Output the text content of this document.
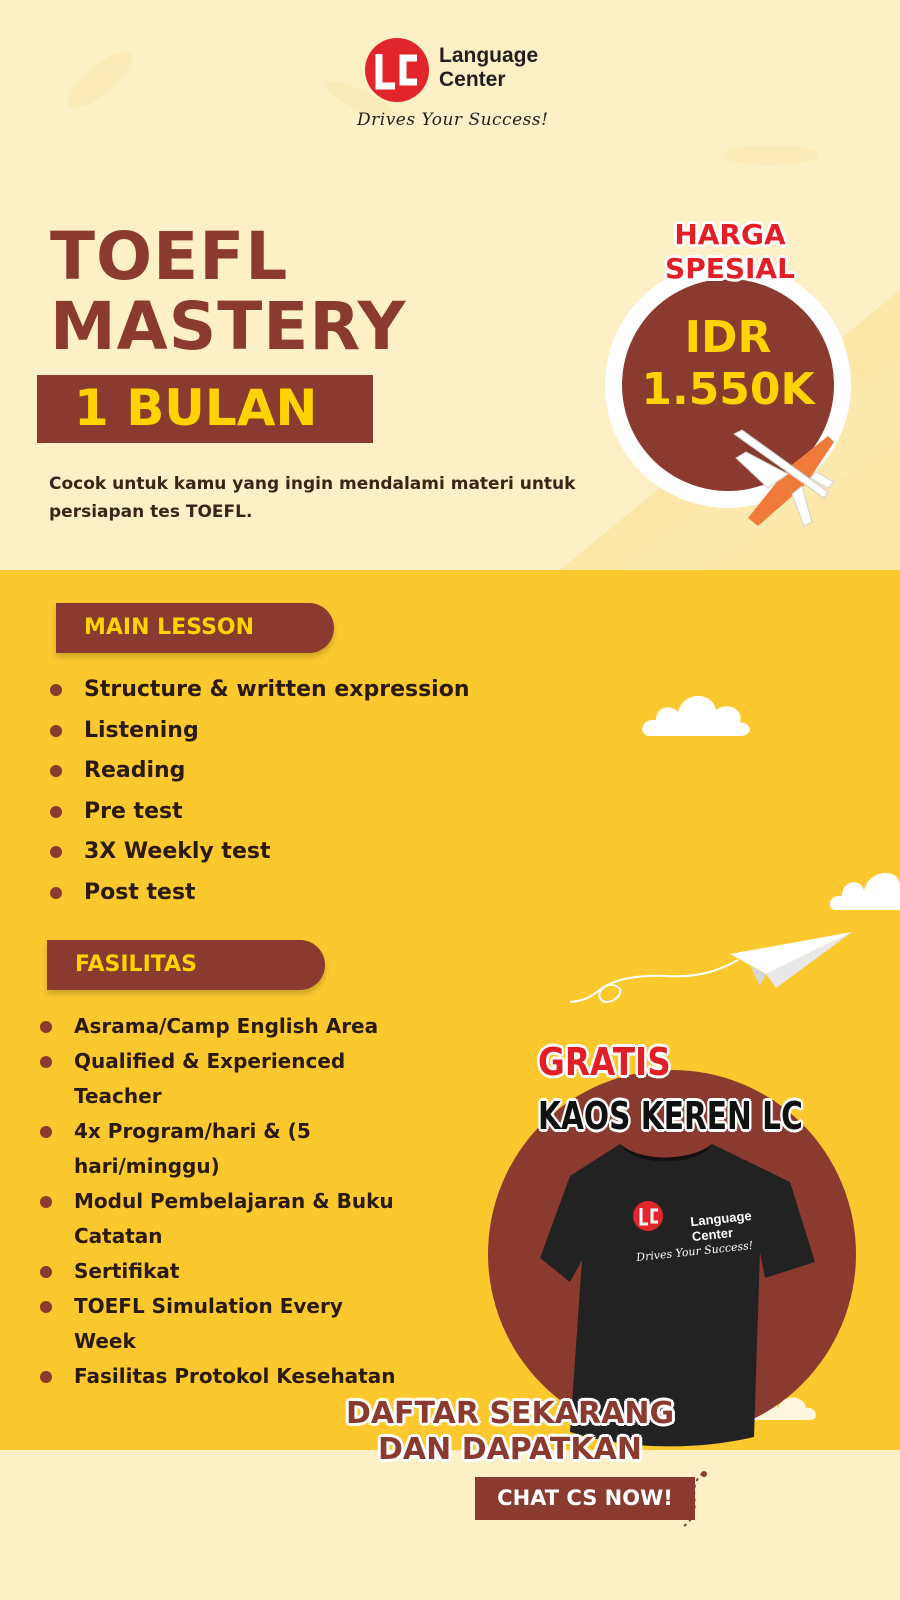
Language
Center
Drives Your Success!
TOEFL
MASTERY
1 BULAN
Cocok untuk kamu yang ingin mendalami materi untuk persiapan tes TOEFL.
HARGA
SPESIAL
IDR
1.550K
MAIN LESSON
Structure & written expression
Listening
Reading
Pre test
3X Weekly test
Post test
FASILITAS
Asrama/Camp English Area
Qualified & Experienced Teacher
4x Program/hari & (5 hari/minggu)
Modul Pembelajaran & Buku Catatan
Sertifikat
TOEFL Simulation Every Week
Fasilitas Protokol Kesehatan
Language
Center
Drives Your Success!
GRATIS
KAOS KEREN LC
DAFTAR SEKARANG
DAN DAPATKAN
CHAT CS NOW!
